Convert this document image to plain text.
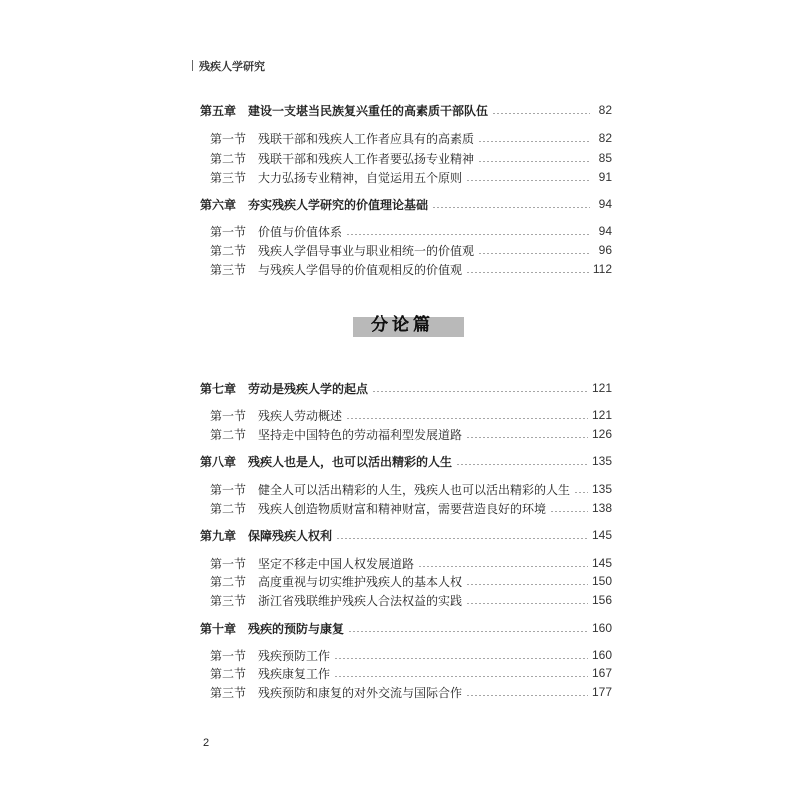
残疾人学研究
第五章 建设一支堪当民族复兴重任的高素质干部队伍	82
第一节 残联干部和残疾人工作者应具有的高素质	82
第二节 残联干部和残疾人工作者要弘扬专业精神	85
第三节 大力弘扬专业精神，自觉运用五个原则	91
第六章 夯实残疾人学研究的价值理论基础	94
第一节 价值与价值体系	94
第二节 残疾人学倡导事业与职业相统一的价值观	96
第三节 与残疾人学倡导的价值观相反的价值观	112
分论篇
第七章 劳动是残疾人学的起点	121
第一节 残疾人劳动概述	121
第二节 坚持走中国特色的劳动福利型发展道路	126
第八章 残疾人也是人，也可以活出精彩的人生	135
第一节 健全人可以活出精彩的人生，残疾人也可以活出精彩的人生 135
第二节 残疾人创造物质财富和精神财富，需要营造良好的环境	138
第九章 保障残疾人权利	145
第一节 坚定不移走中国人权发展道路	145
第二节 高度重视与切实维护残疾人的基本人权	150
第三节 浙江省残联维护残疾人合法权益的实践	156
第十章 残疾的预防与康复	160
第一节 残疾预防工作	160
第二节 残疾康复工作	167
第三节 残疾预防和康复的对外交流与国际合作	177
2
